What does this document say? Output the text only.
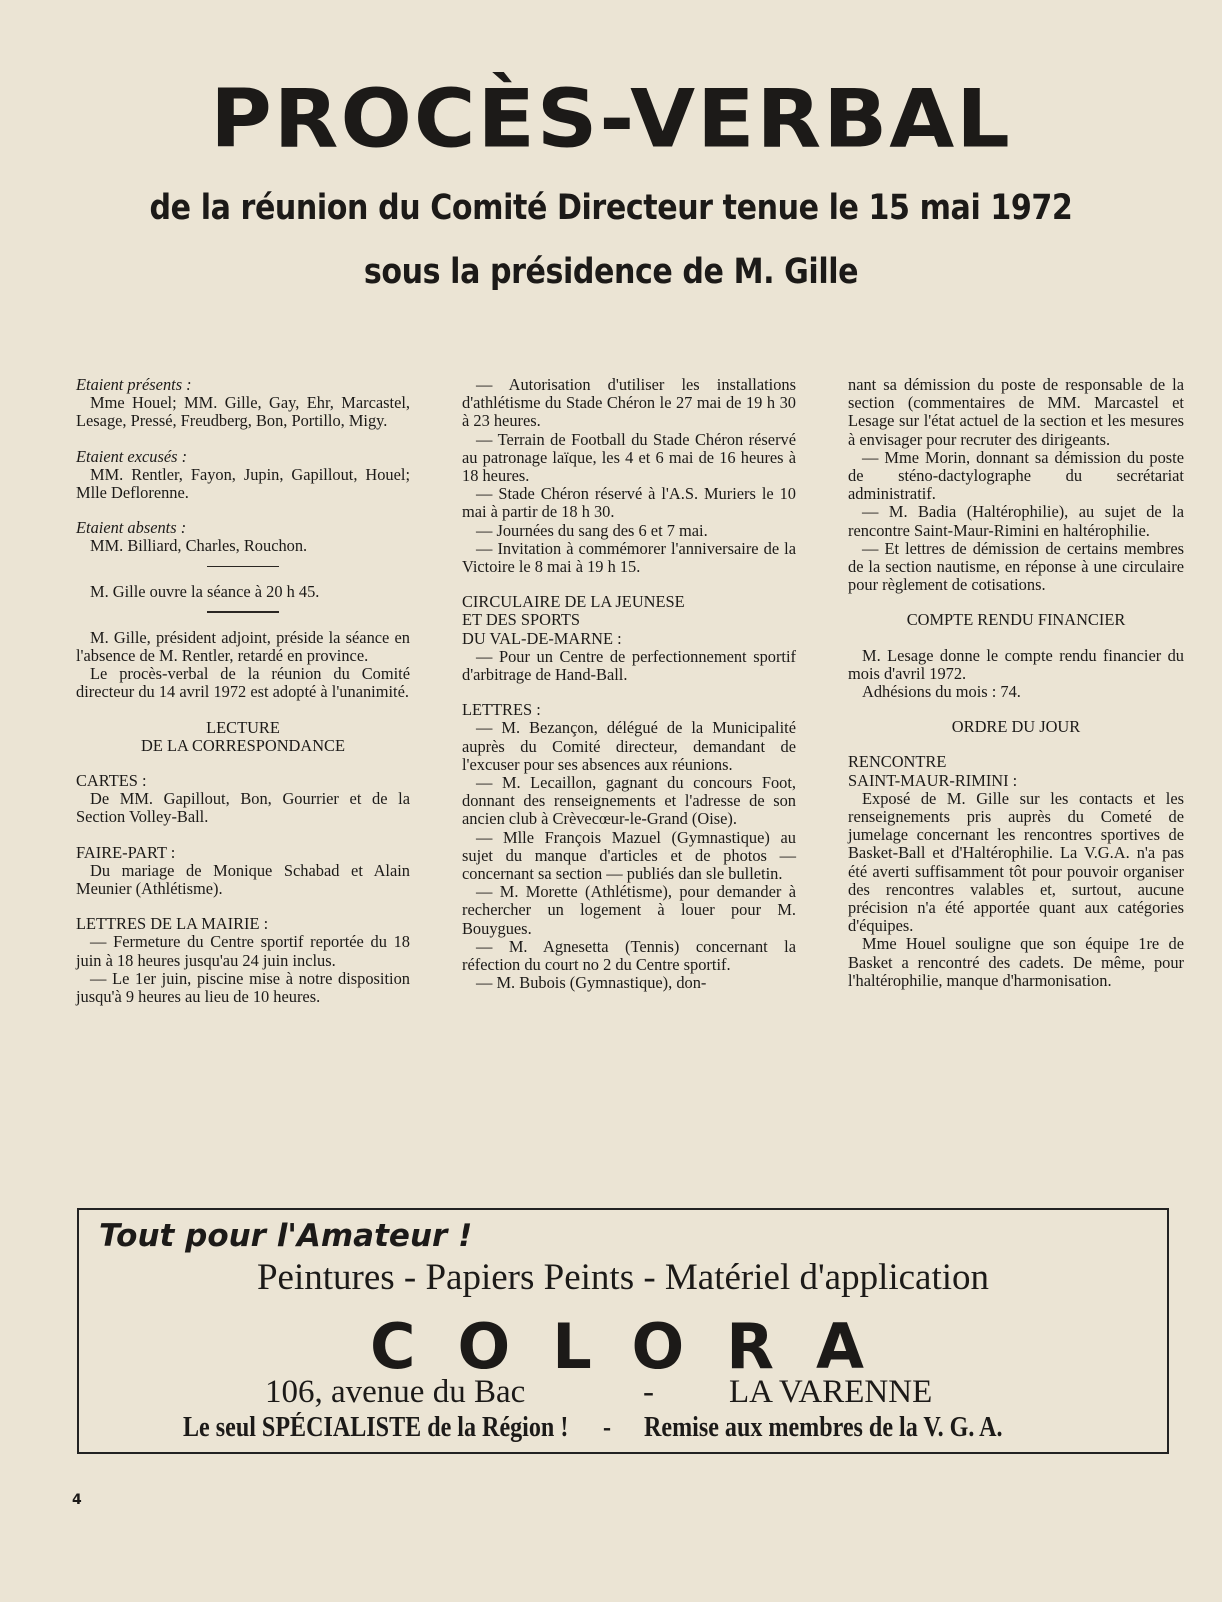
PROCÈS-VERBAL
de la réunion du Comité Directeur tenue le 15 mai 1972
sous la présidence de M. Gille

Etaient présents :

Mme Houel; MM. Gille, Gay, Ehr, Marcastel, Lesage, Pressé, Freudberg, Bon, Portillo, Migy.

Etaient excusés :

MM. Rentler, Fayon, Jupin, Gapillout, Houel; Mlle Deflorenne.

Etaient absents :

MM. Billiard, Charles, Rouchon.

M. Gille ouvre la séance à 20 h 45.

M. Gille, président adjoint, préside la séance en l'absence de M. Rentler, retardé en province.

Le procès-verbal de la réunion du Comité directeur du 14 avril 1972 est adopté à l'unanimité.

LECTURE

DE LA CORRESPONDANCE

CARTES :

De MM. Gapillout, Bon, Gourrier et de la Section Volley-Ball.

FAIRE-PART :

Du mariage de Monique Schabad et Alain Meunier (Athlétisme).

LETTRES DE LA MAIRIE :

— Fermeture du Centre sportif reportée du 18 juin à 18 heures jusqu'au 24 juin inclus.

— Le 1er juin, piscine mise à notre disposition jusqu'à 9 heures au lieu de 10 heures.

— Autorisation d'utiliser les installations d'athlétisme du Stade Chéron le 27 mai de 19 h 30 à 23 heures.

— Terrain de Football du Stade Chéron réservé au patronage laïque, les 4 et 6 mai de 16 heures à 18 heures.

— Stade Chéron réservé à l'A.S. Muriers le 10 mai à partir de 18 h 30.

— Journées du sang des 6 et 7 mai.

— Invitation à commémorer l'anniversaire de la Victoire le 8 mai à 19 h 15.

CIRCULAIRE DE LA JEUNESE

ET DES SPORTS

DU VAL-DE-MARNE :

— Pour un Centre de perfectionnement sportif d'arbitrage de Hand-Ball.

LETTRES :

— M. Bezançon, délégué de la Municipalité auprès du Comité directeur, demandant de l'excuser pour ses absences aux réunions.

— M. Lecaillon, gagnant du concours Foot, donnant des renseignements et l'adresse de son ancien club à Crèvecœur-le-Grand (Oise).

— Mlle François Mazuel (Gymnastique) au sujet du manque d'articles et de photos — concernant sa section — publiés dan sle bulletin.

— M. Morette (Athlétisme), pour demander à rechercher un logement à louer pour M. Bouygues.

— M. Agnesetta (Tennis) concernant la réfection du court no 2 du Centre sportif.

— M. Bubois (Gymnastique), don-

nant sa démission du poste de responsable de la section (commentaires de MM. Marcastel et Lesage sur l'état actuel de la section et les mesures à envisager pour recruter des dirigeants.

— Mme Morin, donnant sa démission du poste de sténo-dactylographe du secrétariat administratif.

— M. Badia (Haltérophilie), au sujet de la rencontre Saint-Maur-Rimini en haltérophilie.

— Et lettres de démission de certains membres de la section nautisme, en réponse à une circulaire pour règlement de cotisations.

COMPTE RENDU FINANCIER

M. Lesage donne le compte rendu financier du mois d'avril 1972.

Adhésions du mois : 74.

ORDRE DU JOUR

RENCONTRE

SAINT-MAUR-RIMINI :

Exposé de M. Gille sur les contacts et les renseignements pris auprès du Cometé de jumelage concernant les rencontres sportives de Basket-Ball et d'Haltérophilie. La V.G.A. n'a pas été averti suffisamment tôt pour pouvoir organiser des rencontres valables et, surtout, aucune précision n'a été apportée quant aux catégories d'équipes.

Mme Houel souligne que son équipe 1re de Basket a rencontré des cadets. De même, pour l'haltérophilie, manque d'harmonisation.

Tout pour l'Amateur !
Peintures - Papiers Peints - Matériel d'application
COLORA
106, avenue du Bac	- LA VARENNE
Le seul SPÉCIALISTE de la Région ! - Remise aux membres de la V. G. A.
4
